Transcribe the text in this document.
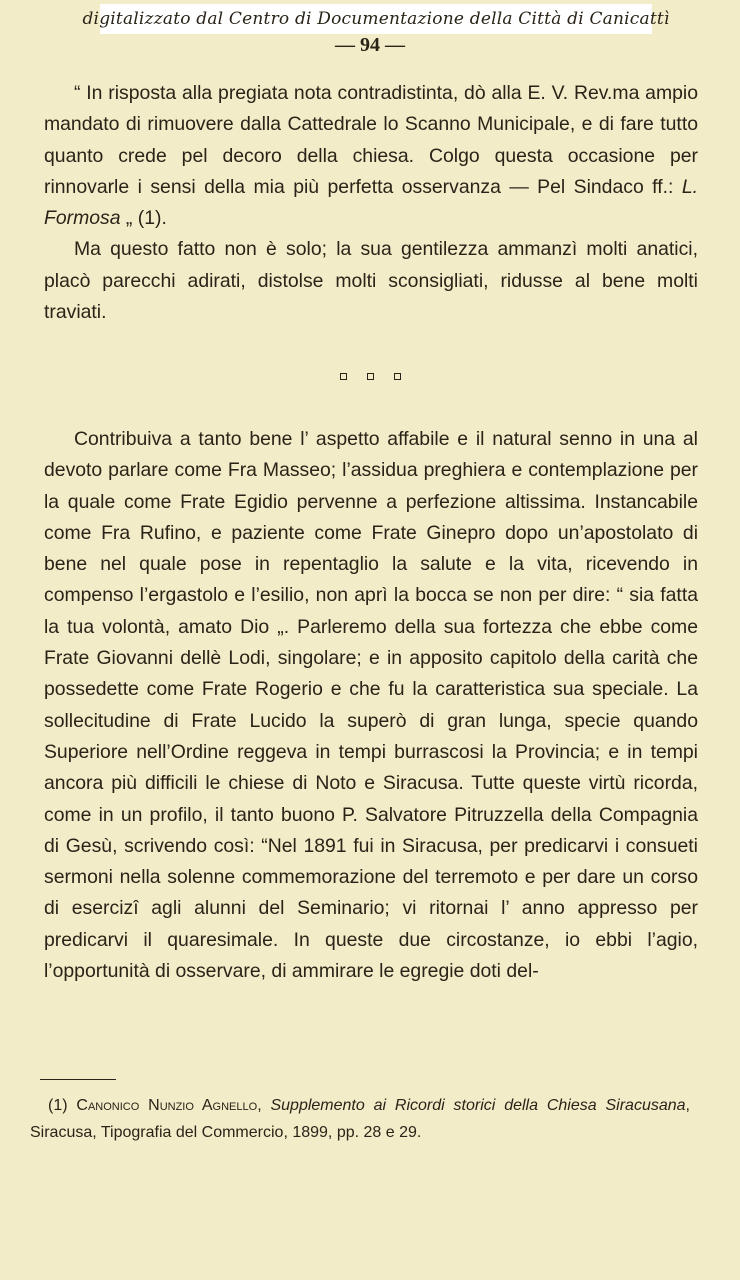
digitalizzato dal Centro di Documentazione della Città di Canicattì
— 94 —

“ In risposta alla pregiata nota contradistinta, dò alla E. V. Rev.ma ampio mandato di rimuovere dalla Cattedrale lo Scanno Municipale, e di fare tutto quanto crede pel decoro della chiesa. Colgo questa occasione per rinnovarle i sensi della mia più perfetta osservanza — Pel Sindaco ff.: L. Formosa „ (1).

Ma questo fatto non è solo; la sua gentilezza ammanzì molti anatici, placò parecchi adirati, distolse molti sconsigliati, ridusse al bene molti traviati.

Contribuiva a tanto bene l’ aspetto affabile e il natural senno in una al devoto parlare come Fra Masseo; l’assidua preghiera e contemplazione per la quale come Frate Egidio pervenne a perfezione altissima. Instancabile come Fra Rufino, e paziente come Frate Ginepro dopo un’apostolato di bene nel quale pose in repentaglio la salute e la vita, ricevendo in compenso l’ergastolo e l’esilio, non aprì la bocca se non per dire: “ sia fatta la tua volontà, amato Dio „. Parleremo della sua fortezza che ebbe come Frate Giovanni dellè Lodi, singolare; e in apposito capitolo della carità che possedette come Frate Rogerio e che fu la caratteristica sua speciale. La sollecitudine di Frate Lucido la superò di gran lunga, specie quando Superiore nell’Ordine reggeva in tempi burrascosi la Provincia; e in tempi ancora più difficili le chiese di Noto e Siracusa. Tutte queste virtù ricorda, come in un profilo, il tanto buono P. Salvatore Pitruzzella della Compagnia di Gesù, scrivendo così: “Nel 1891 fui in Siracusa, per predicarvi i consueti sermoni nella solenne commemorazione del terremoto e per dare un corso di esercizî agli alunni del Seminario; vi ritornai l’ anno appresso per predicarvi il quaresimale. In queste due circostanze, io ebbi l’agio, l’opportunità di osservare, di ammirare le egregie doti del-

(1) Canonico Nunzio Agnello, Supplemento ai Ricordi storici della Chiesa Siracusana, Siracusa, Tipografia del Commercio, 1899, pp. 28 e 29.
